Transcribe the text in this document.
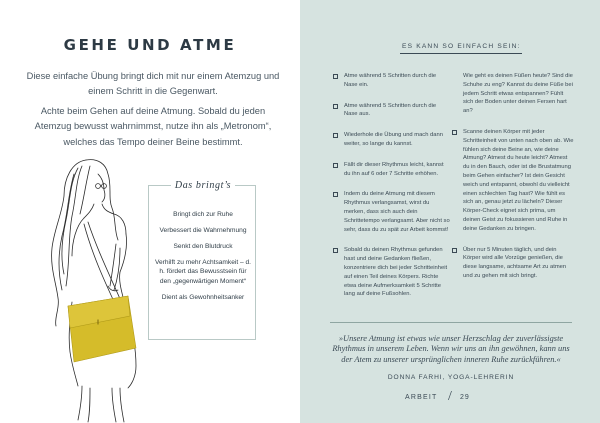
GEHE UND ATME

Diese einfache Übung bringt dich mit nur einem Atemzug und einem Schritt in die Gegenwart.

Achte beim Gehen auf deine Atmung. Sobald du jeden Atemzug bewusst wahrnimmst, nutze ihn als „Metronom“, welches das Tempo deiner Beine bestimmt.

Das bringt’s
Bringt dich zur Ruhe
Verbessert die Wahrnehmung
Senkt den Blutdruck
Verhilft zu mehr Achtsamkeit – d. h. fördert das Bewusstsein für den „gegenwärtigen Moment“
Dient als Gewohnheitsanker
ES KANN SO EINFACH SEIN:
Atme während 5 Schritten durch die Nase ein.
Atme während 5 Schritten durch die Nase aus.
Wiederhole die Übung und mach dann weiter, so lange du kannst.
Fällt dir dieser Rhythmus leicht, kannst du ihn auf 6 oder 7 Schritte erhöhen.
Indem du deine Atmung mit diesem Rhythmus verlangsamst, wirst du merken, dass sich auch dein Schrittetempo verlangsamt. Aber nicht so sehr, dass du zu spät zur Arbeit kommst!
Sobald du deinen Rhythmus gefunden hast und deine Gedanken fließen, konzentriere dich bei jeder Schritteinheit auf einen Teil deines Körpers. Richte etwa deine Aufmerksamkeit 5 Schritte lang auf deine Fußsohlen.
Wie geht es deinen Füßen heute? Sind die Schuhe zu eng? Kannst du deine Füße bei jedem Schritt etwas entspannen? Fühlt sich der Boden unter deinen Fersen hart an?
Scanne deinen Körper mit jeder Schritteinheit von unten nach oben ab. Wie fühlen sich deine Beine an, wie deine Atmung? Atmest du heute leicht? Atmest du in den Bauch, oder ist die Brustatmung beim Gehen einfacher? Ist dein Gesicht weich und entspannt, obwohl du vielleicht einen schlechten Tag hast? Wie fühlt es sich an, genau jetzt zu lächeln? Dieser Körper-Check eignet sich prima, um deinen Geist zu fokussieren und Ruhe in deine Gedanken zu bringen.
Über nur 5 Minuten täglich, und dein Körper wird alle Vorzüge genießen, die diese langsame, achtsame Art zu atmen und zu gehen mit sich bringt.

»Unsere Atmung ist etwas wie unser Herzschlag der zuverlässigste Rhythmus in unserem Leben. Wenn wir uns an ihn gewöhnen, kann uns der Atem zu unserer ursprünglichen inneren Ruhe zurückführen.«

DONNA FARHI, YOGA-LEHRERIN
ARBEIT / 29
